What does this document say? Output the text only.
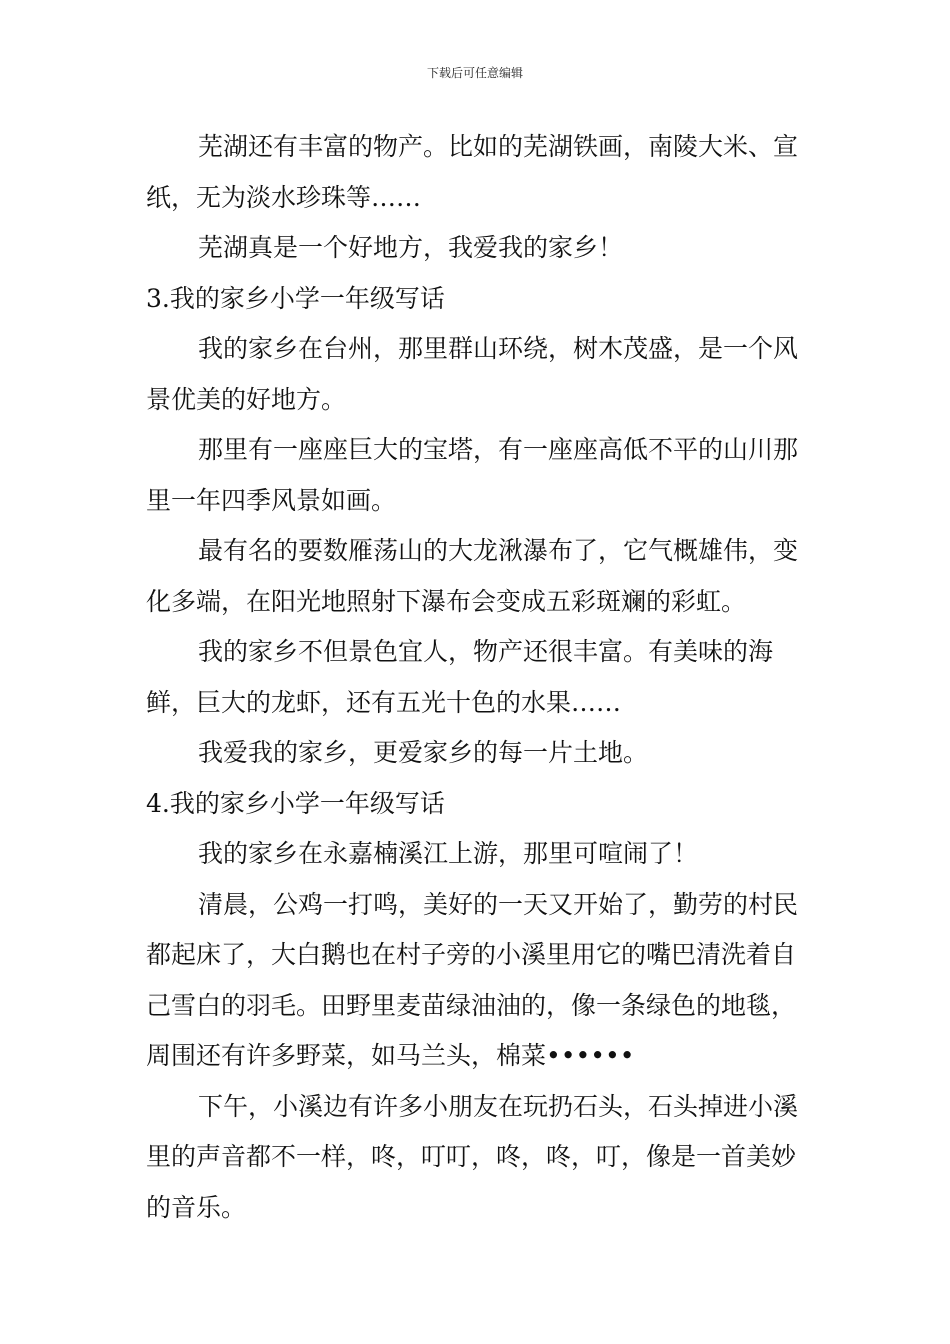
下载后可任意编辑

芜湖还有丰富的物产。比如的芜湖铁画，南陵大米、宣纸，无为淡水珍珠等……

芜湖真是一个好地方，我爱我的家乡！

3.我的家乡小学一年级写话

我的家乡在台州，那里群山环绕，树木茂盛，是一个风景优美的好地方。

那里有一座座巨大的宝塔，有一座座高低不平的山川那里一年四季风景如画。

最有名的要数雁荡山的大龙湫瀑布了，它气概雄伟，变化多端，在阳光地照射下瀑布会变成五彩斑斓的彩虹。

我的家乡不但景色宜人，物产还很丰富。有美味的海鲜，巨大的龙虾，还有五光十色的水果……

我爱我的家乡，更爱家乡的每一片土地。

4.我的家乡小学一年级写话

我的家乡在永嘉楠溪江上游，那里可喧闹了！

清晨，公鸡一打鸣，美好的一天又开始了，勤劳的村民都起床了，大白鹅也在村子旁的小溪里用它的嘴巴清洗着自己雪白的羽毛。田野里麦苗绿油油的，像一条绿色的地毯，周围还有许多野菜，如马兰头，棉菜••••••

下午，小溪边有许多小朋友在玩扔石头，石头掉进小溪里的声音都不一样，咚，叮叮，咚，咚，叮，像是一首美妙的音乐。
